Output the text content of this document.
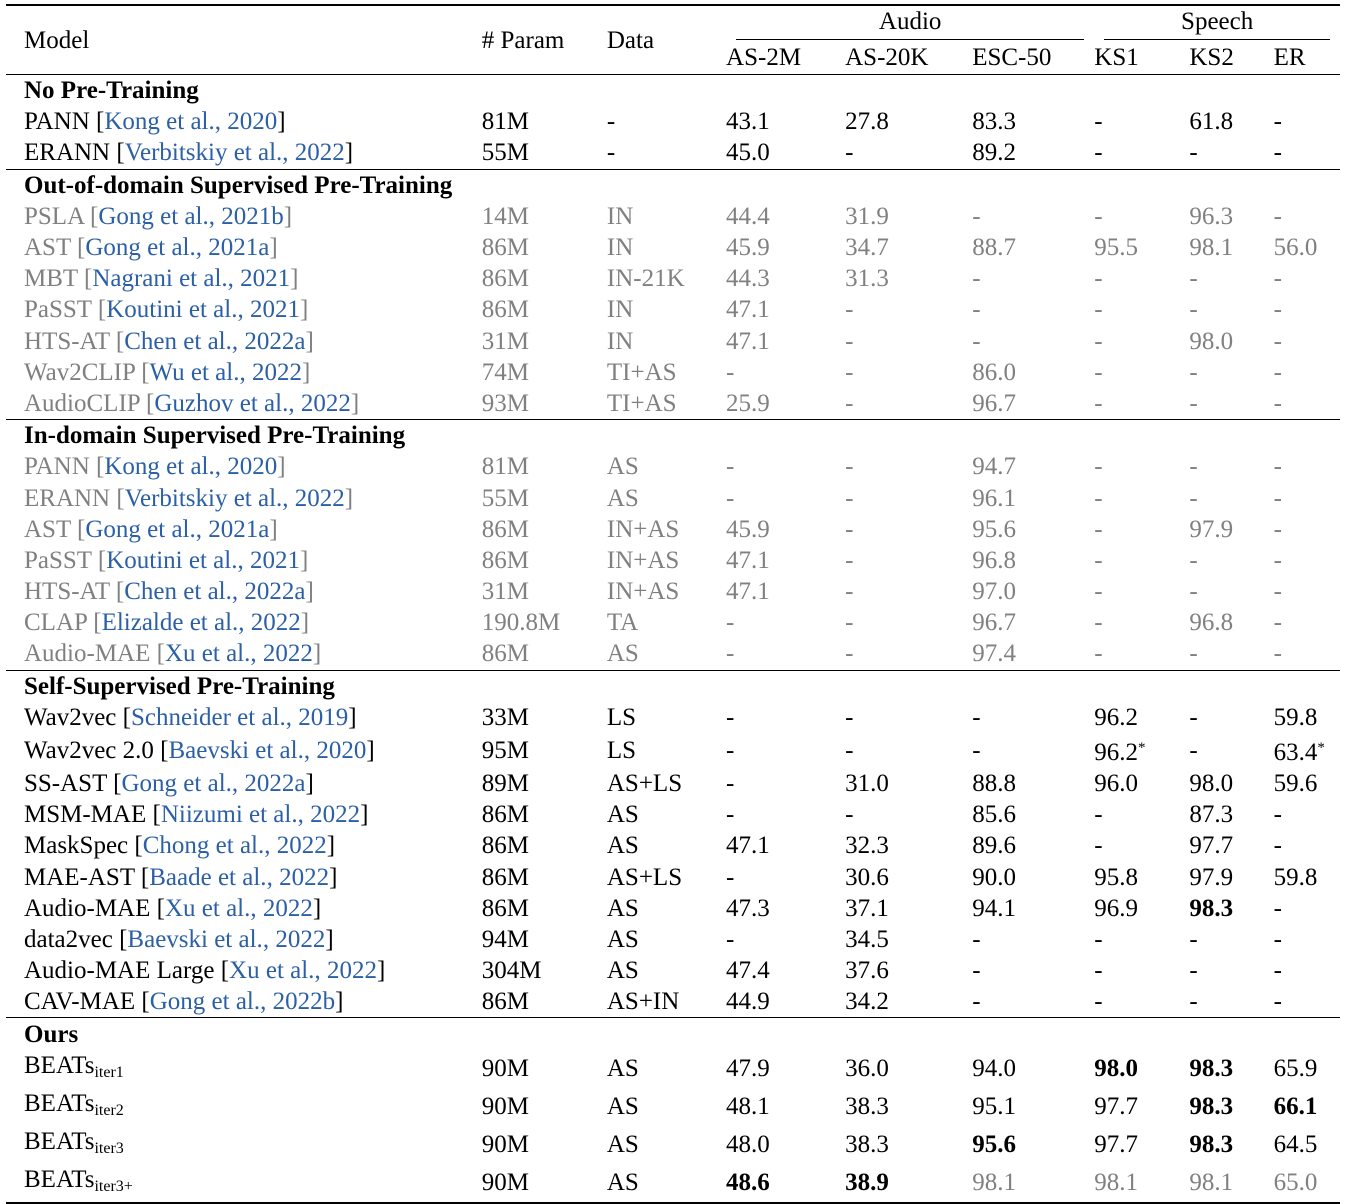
Model	# Param	Data	Audio			Speech		

			AS-2M	AS-20K	ESC-50	KS1	KS2	ER
No Pre-Training								
PANN [Kong et al., 2020]	81M	-	43.1	27.8	83.3	-	61.8	-
ERANN [Verbitskiy et al., 2022]	55M	-	45.0	-	89.2	-	-	-
Out-of-domain Supervised Pre-Training								
PSLA [Gong et al., 2021b]	14M	IN	44.4	31.9	-	-	96.3	-
AST [Gong et al., 2021a]	86M	IN	45.9	34.7	88.7	95.5	98.1	56.0
MBT [Nagrani et al., 2021]	86M	IN-21K	44.3	31.3	-	-	-	-
PaSST [Koutini et al., 2021]	86M	IN	47.1	-	-	-	-	-
HTS-AT [Chen et al., 2022a]	31M	IN	47.1	-	-	-	98.0	-
Wav2CLIP [Wu et al., 2022]	74M	TI+AS	-	-	86.0	-	-	-
AudioCLIP [Guzhov et al., 2022]	93M	TI+AS	25.9	-	96.7	-	-	-
In-domain Supervised Pre-Training								
PANN [Kong et al., 2020]	81M	AS	-	-	94.7	-	-	-
ERANN [Verbitskiy et al., 2022]	55M	AS	-	-	96.1	-	-	-
AST [Gong et al., 2021a]	86M	IN+AS	45.9	-	95.6	-	97.9	-
PaSST [Koutini et al., 2021]	86M	IN+AS	47.1	-	96.8	-	-	-
HTS-AT [Chen et al., 2022a]	31M	IN+AS	47.1	-	97.0	-	-	-
CLAP [Elizalde et al., 2022]	190.8M	TA	-	-	96.7	-	96.8	-
Audio-MAE [Xu et al., 2022]	86M	AS	-	-	97.4	-	-	-
Self-Supervised Pre-Training								
Wav2vec [Schneider et al., 2019]	33M	LS	-	-	-	96.2	-	59.8
Wav2vec 2.0 [Baevski et al., 2020]	95M	LS	-	-	-	96.2*	-	63.4*
SS-AST [Gong et al., 2022a]	89M	AS+LS	-	31.0	88.8	96.0	98.0	59.6
MSM-MAE [Niizumi et al., 2022]	86M	AS	-	-	85.6	-	87.3	-
MaskSpec [Chong et al., 2022]	86M	AS	47.1	32.3	89.6	-	97.7	-
MAE-AST [Baade et al., 2022]	86M	AS+LS	-	30.6	90.0	95.8	97.9	59.8
Audio-MAE [Xu et al., 2022]	86M	AS	47.3	37.1	94.1	96.9	98.3	-
data2vec [Baevski et al., 2022]	94M	AS	-	34.5	-	-	-	-
Audio-MAE Large [Xu et al., 2022]	304M	AS	47.4	37.6	-	-	-	-
CAV-MAE [Gong et al., 2022b]	86M	AS+IN	44.9	34.2	-	-	-	-
Ours								
BEATs$_{iter1}$	90M	AS	47.9	36.0	94.0	98.0	98.3	65.9
BEATs$_{iter2}$	90M	AS	48.1	38.3	95.1	97.7	98.3	66.1
BEATs$_{iter3}$	90M	AS	48.0	38.3	95.6	97.7	98.3	64.5
BEATs$_{iter3+}$	90M	AS	48.6	38.9	98.1	98.1	98.1	65.0
